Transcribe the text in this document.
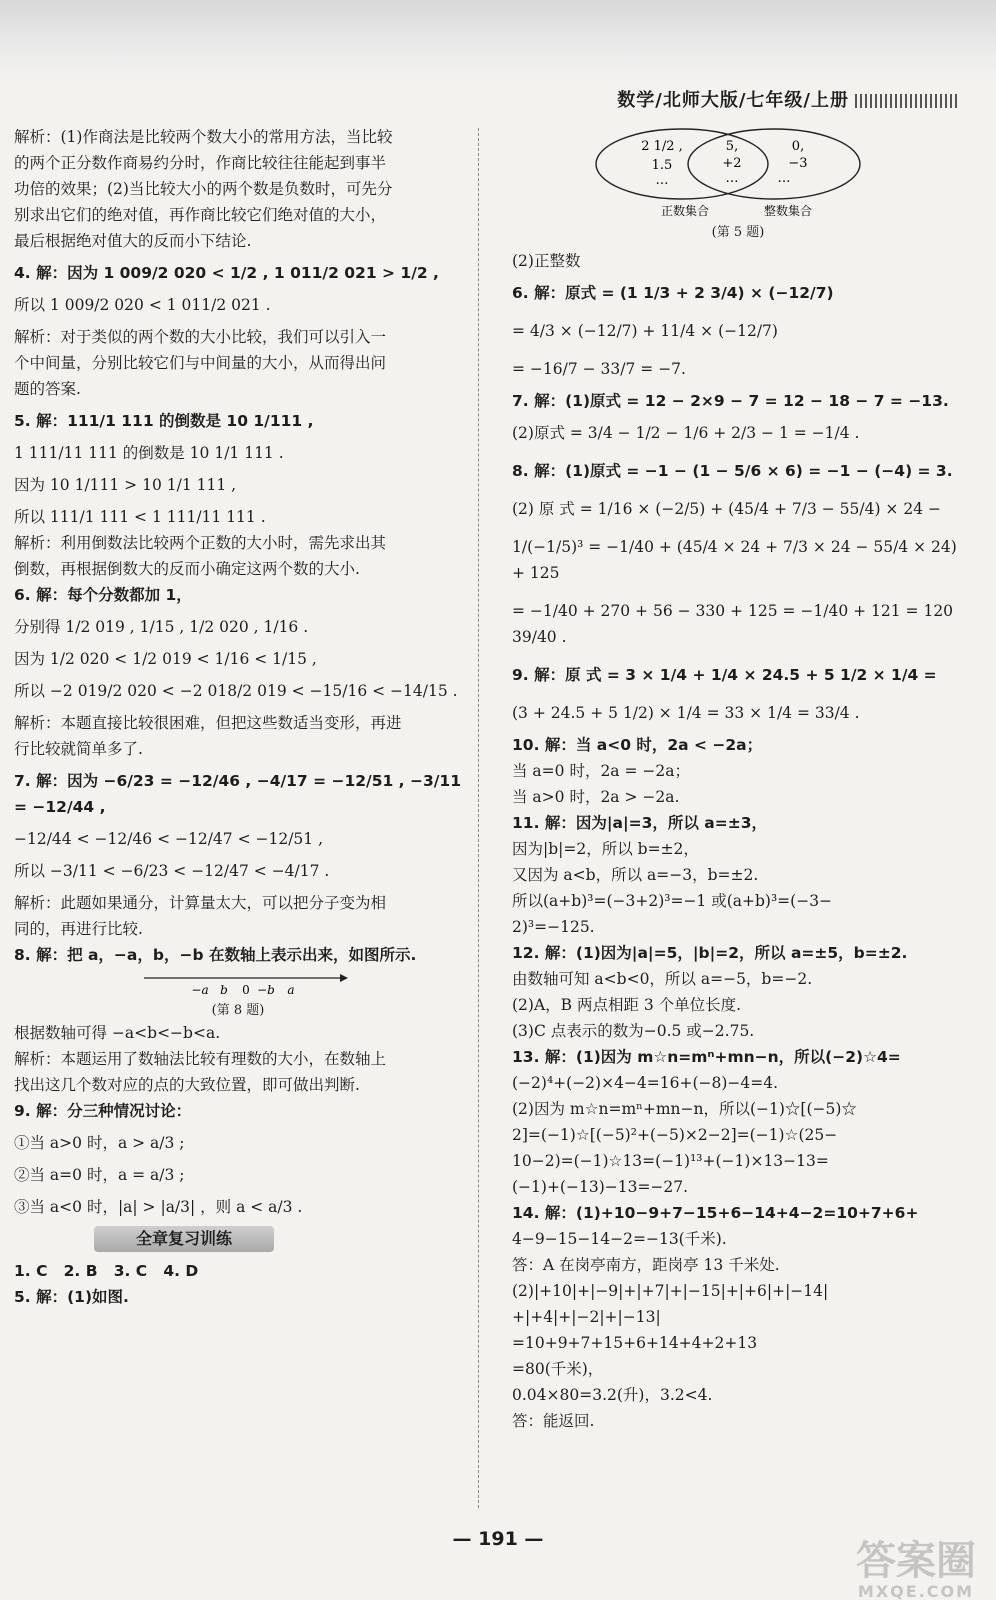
数学/北师大版/七年级/上册

解析：(1)作商法是比较两个数大小的常用方法，当比较

的两个正分数作商易约分时，作商比较往往能起到事半

功倍的效果；(2)当比较大小的两个数是负数时，可先分

别求出它们的绝对值，再作商比较它们绝对值的大小，

最后根据绝对值大的反而小下结论.

4. 解：因为 1 009/2 020 < 1/2 , 1 011/2 021 > 1/2 ,

所以 1 009/2 020 < 1 011/2 021 .

解析：对于类似的两个数的大小比较，我们可以引入一

个中间量，分别比较它们与中间量的大小，从而得出问

题的答案.

5. 解：111/1 111 的倒数是 10 1/111 ,

1 111/11 111 的倒数是 10 1/1 111 .

因为 10 1/111 > 10 1/1 111 ,

所以 111/1 111 < 1 111/11 111 .

解析：利用倒数法比较两个正数的大小时，需先求出其

倒数，再根据倒数大的反而小确定这两个数的大小.

6. 解：每个分数都加 1，

分别得 1/2 019 , 1/15 , 1/2 020 , 1/16 .

因为 1/2 020 < 1/2 019 < 1/16 < 1/15 ,

所以 −2 019/2 020 < −2 018/2 019 < −15/16 < −14/15 .

解析：本题直接比较很困难，但把这些数适当变形，再进

行比较就简单多了.

7. 解：因为 −6/23 = −12/46 , −4/17 = −12/51 , −3/11 = −12/44 ,

−12/44 < −12/46 < −12/47 < −12/51 ,

所以 −3/11 < −6/23 < −12/47 < −4/17 .

解析：此题如果通分，计算量太大，可以把分子变为相

同的，再进行比较.

8. 解：把 a，−a，b，−b 在数轴上表示出来，如图所示.

−a b 0 −b a
(第 8 题)

根据数轴可得 −a<b<−b<a.

解析：本题运用了数轴法比较有理数的大小，在数轴上

找出这几个数对应的点的大致位置，即可做出判断.

9. 解：分三种情况讨论：

①当 a>0 时，a > a/3 ;

②当 a=0 时，a = a/3 ;

③当 a<0 时，|a| > |a/3| ，则 a < a/3 .

全章复习训练

1. C   2. B   3. C   4. D

5. 解：(1)如图.

2 1/2 ,
1.5
…
5,
+2
…
0,
−3
…
正数集合	整数集合
(第 5 题)

(2)正整数

6. 解：原式 = (1 1/3 + 2 3/4) × (−12/7)

= 4/3 × (−12/7) + 11/4 × (−12/7)

= −16/7 − 33/7 = −7.

7. 解：(1)原式 = 12 − 2×9 − 7 = 12 − 18 − 7 = −13.

(2)原式 = 3/4 − 1/2 − 1/6 + 2/3 − 1 = −1/4 .

8. 解：(1)原式 = −1 − (1 − 5/6 × 6) = −1 − (−4) = 3.

(2) 原 式 = 1/16 × (−2/5) + (45/4 + 7/3 − 55/4) × 24 −

1/(−1/5)³ = −1/40 + (45/4 × 24 + 7/3 × 24 − 55/4 × 24) + 125

= −1/40 + 270 + 56 − 330 + 125 = −1/40 + 121 = 120 39/40 .

9. 解：原 式 = 3 × 1/4 + 1/4 × 24.5 + 5 1/2 × 1/4 =

(3 + 24.5 + 5 1/2) × 1/4 = 33 × 1/4 = 33/4 .

10. 解：当 a<0 时，2a < −2a；

当 a=0 时，2a = −2a；

当 a>0 时，2a > −2a.

11. 解：因为|a|=3，所以 a=±3，

因为|b|=2，所以 b=±2，

又因为 a<b，所以 a=−3，b=±2.

所以(a+b)³=(−3+2)³=−1 或(a+b)³=(−3−

2)³=−125.

12. 解：(1)因为|a|=5，|b|=2，所以 a=±5，b=±2.

由数轴可知 a<b<0，所以 a=−5，b=−2.

(2)A，B 两点相距 3 个单位长度.

(3)C 点表示的数为−0.5 或−2.75.

13. 解：(1)因为 m☆n=mⁿ+mn−n，所以(−2)☆4=

(−2)⁴+(−2)×4−4=16+(−8)−4=4.

(2)因为 m☆n=mⁿ+mn−n，所以(−1)☆[(−5)☆

2]=(−1)☆[(−5)²+(−5)×2−2]=(−1)☆(25−

10−2)=(−1)☆13=(−1)¹³+(−1)×13−13=

(−1)+(−13)−13=−27.

14. 解：(1)+10−9+7−15+6−14+4−2=10+7+6+

4−9−15−14−2=−13(千米).

答：A 在岗亭南方，距岗亭 13 千米处.

(2)|+10|+|−9|+|+7|+|−15|+|+6|+|−14|

+|+4|+|−2|+|−13|

=10+9+7+15+6+14+4+2+13

=80(千米)，

0.04×80=3.2(升)，3.2<4.

答：能返回.

— 191 —	答案圈
MXQE.COM
